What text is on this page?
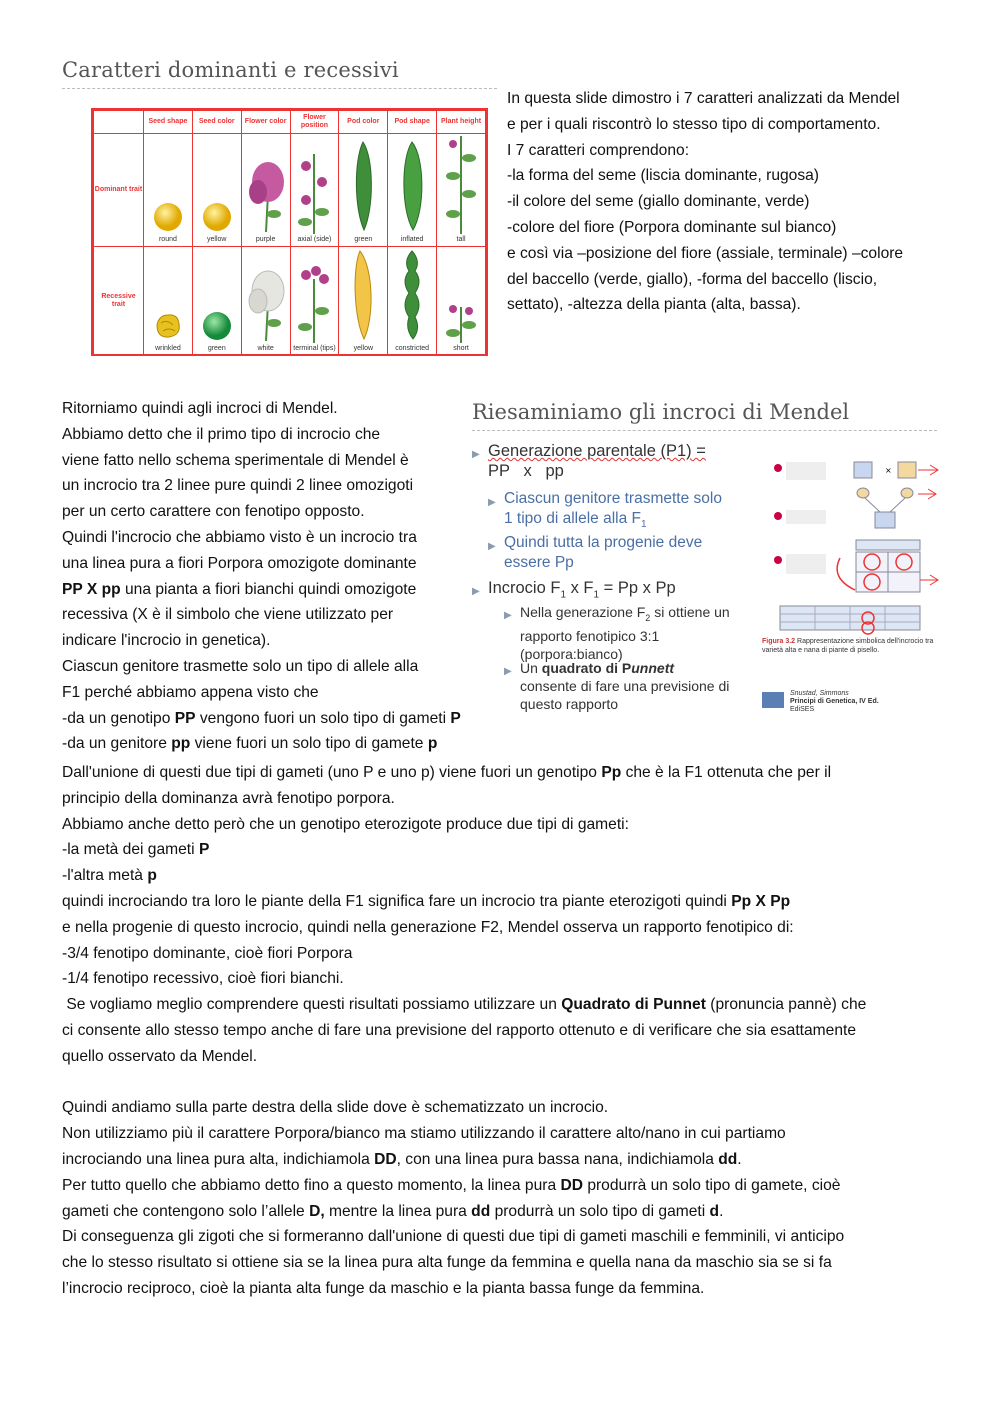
Caratteri dominanti e recessivi
	Seed shape	Seed color	Flower color	Flower position	Pod color	Pod shape	Plant height
Dominant trait	round	yellow	purple	axial (side)	green	inflated	tall

Recessive trait	wrinkled	green	white	terminal (tips)	yellow	constricted	short

In questa slide dimostro i 7 caratteri analizzati da Mendel

e per i quali riscontrò lo stesso tipo di comportamento.

I 7 caratteri comprendono:

-la forma del seme (liscia dominante, rugosa)

-il colore del seme (giallo dominante, verde)

-colore del fiore (Porpora dominante sul bianco)

e così via –posizione del fiore (assiale, terminale) –colore

del baccello (verde, giallo), -forma del baccello (liscio,

settato), -altezza della pianta (alta, bassa).

Riesaminiamo gli incroci di Mendel
▶ Generazione parentale (P1) =
PP   x   pp
▶ Ciascun genitore trasmette solo
1 tipo di allele alla $F_1$
▶ Quindi tutta la progenie deve
essere Pp
▶ Incrocio $F_1$ x $F_1 = Pp$ x Pp
▶ Nella generazione $F_2$ si ottiene un
rapporto fenotipico 3:1
(porpora:bianco)
▶ Un quadrato di Punnett
consente di fare una previsione di
questo rapporto
×
Figura 3.2 Rappresentazione simbolica dell'incrocio tra varietà alta e nana di piante di pisello.
Snustad, Simmons
Principi di Genetica, IV Ed.
EdiSES

Ritorniamo quindi agli incroci di Mendel.

Abbiamo detto che il primo tipo di incrocio che

viene fatto nello schema sperimentale di Mendel è

un incrocio tra 2 linee pure quindi 2 linee omozigoti

per un certo carattere con fenotipo opposto.

Quindi l'incrocio che abbiamo visto è un incrocio tra

una linea pura a fiori Porpora omozigote dominante

PP X pp una pianta a fiori bianchi quindi omozigote

recessiva (X è il simbolo che viene utilizzato per

indicare l'incrocio in genetica).

Ciascun genitore trasmette solo un tipo di allele alla

F1 perché abbiamo appena visto che

-da un genotipo PP vengono fuori un solo tipo di gameti P

-da un genitore pp viene fuori un solo tipo di gamete p

Dall'unione di questi due tipi di gameti (uno P e uno p) viene fuori un genotipo Pp che è la F1 ottenuta che per il

principio della dominanza avrà fenotipo porpora.

Abbiamo anche detto però che un genotipo eterozigote produce due tipi di gameti:

-la metà dei gameti P

-l'altra metà p

quindi incrociando tra loro le piante della F1 significa fare un incrocio tra piante eterozigoti quindi Pp X Pp

e nella progenie di questo incrocio, quindi nella generazione F2, Mendel osserva un rapporto fenotipico di:

-3/4 fenotipo dominante, cioè fiori Porpora

-1/4 fenotipo recessivo, cioè fiori bianchi.

Se vogliamo meglio comprendere questi risultati possiamo utilizzare un Quadrato di Punnet (pronuncia pannè) che

ci consente allo stesso tempo anche di fare una previsione del rapporto ottenuto e di verificare che sia esattamente

quello osservato da Mendel.

Quindi andiamo sulla parte destra della slide dove è schematizzato un incrocio.

Non utilizziamo più il carattere Porpora/bianco ma stiamo utilizzando il carattere alto/nano in cui partiamo

incrociando una linea pura alta, indichiamola DD, con una linea pura bassa nana, indichiamola dd.

Per tutto quello che abbiamo detto fino a questo momento, la linea pura DD produrrà un solo tipo di gamete, cioè

gameti che contengono solo l’allele D, mentre la linea pura dd produrrà un solo tipo di gameti d.

Di conseguenza gli zigoti che si formeranno dall'unione di questi due tipi di gameti maschili e femminili, vi anticipo

che lo stesso risultato si ottiene sia se la linea pura alta funge da femmina e quella nana da maschio sia se si fa

l’incrocio reciproco, cioè la pianta alta funge da maschio e la pianta bassa funge da femmina.
